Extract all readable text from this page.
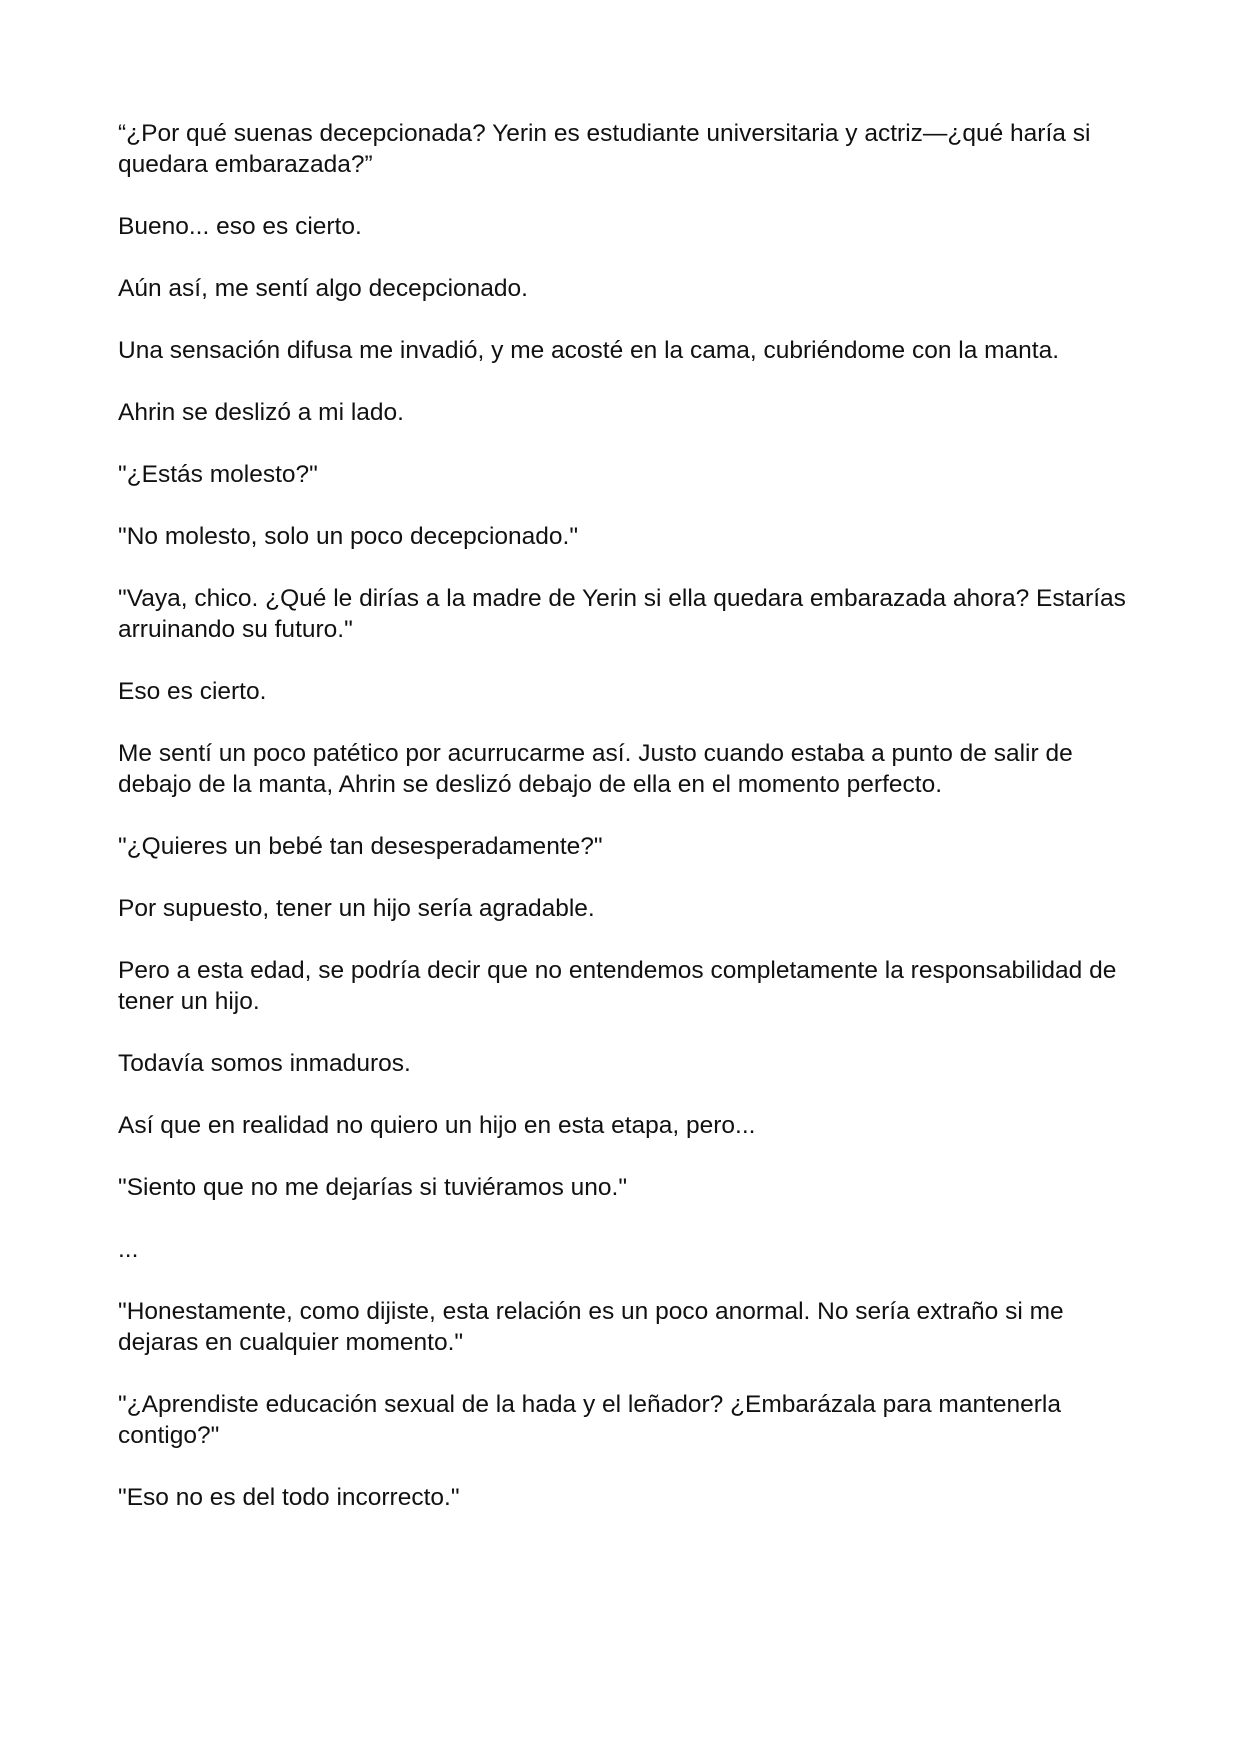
“¿Por qué suenas decepcionada? Yerin es estudiante universitaria y actriz—¿qué haría si quedara embarazada?”

Bueno... eso es cierto.

Aún así, me sentí algo decepcionado.

Una sensación difusa me invadió, y me acosté en la cama, cubriéndome con la manta.

Ahrin se deslizó a mi lado.

"¿Estás molesto?"

"No molesto, solo un poco decepcionado."

"Vaya, chico. ¿Qué le dirías a la madre de Yerin si ella quedara embarazada ahora? Estarías arruinando su futuro."

Eso es cierto.

Me sentí un poco patético por acurrucarme así. Justo cuando estaba a punto de salir de debajo de la manta, Ahrin se deslizó debajo de ella en el momento perfecto.

"¿Quieres un bebé tan desesperadamente?"

Por supuesto, tener un hijo sería agradable.

Pero a esta edad, se podría decir que no entendemos completamente la responsabilidad de tener un hijo.

Todavía somos inmaduros.

Así que en realidad no quiero un hijo en esta etapa, pero...

"Siento que no me dejarías si tuviéramos uno."

...

"Honestamente, como dijiste, esta relación es un poco anormal. No sería extraño si me dejaras en cualquier momento."

"¿Aprendiste educación sexual de la hada y el leñador? ¿Embarázala para mantenerla contigo?"

"Eso no es del todo incorrecto."
